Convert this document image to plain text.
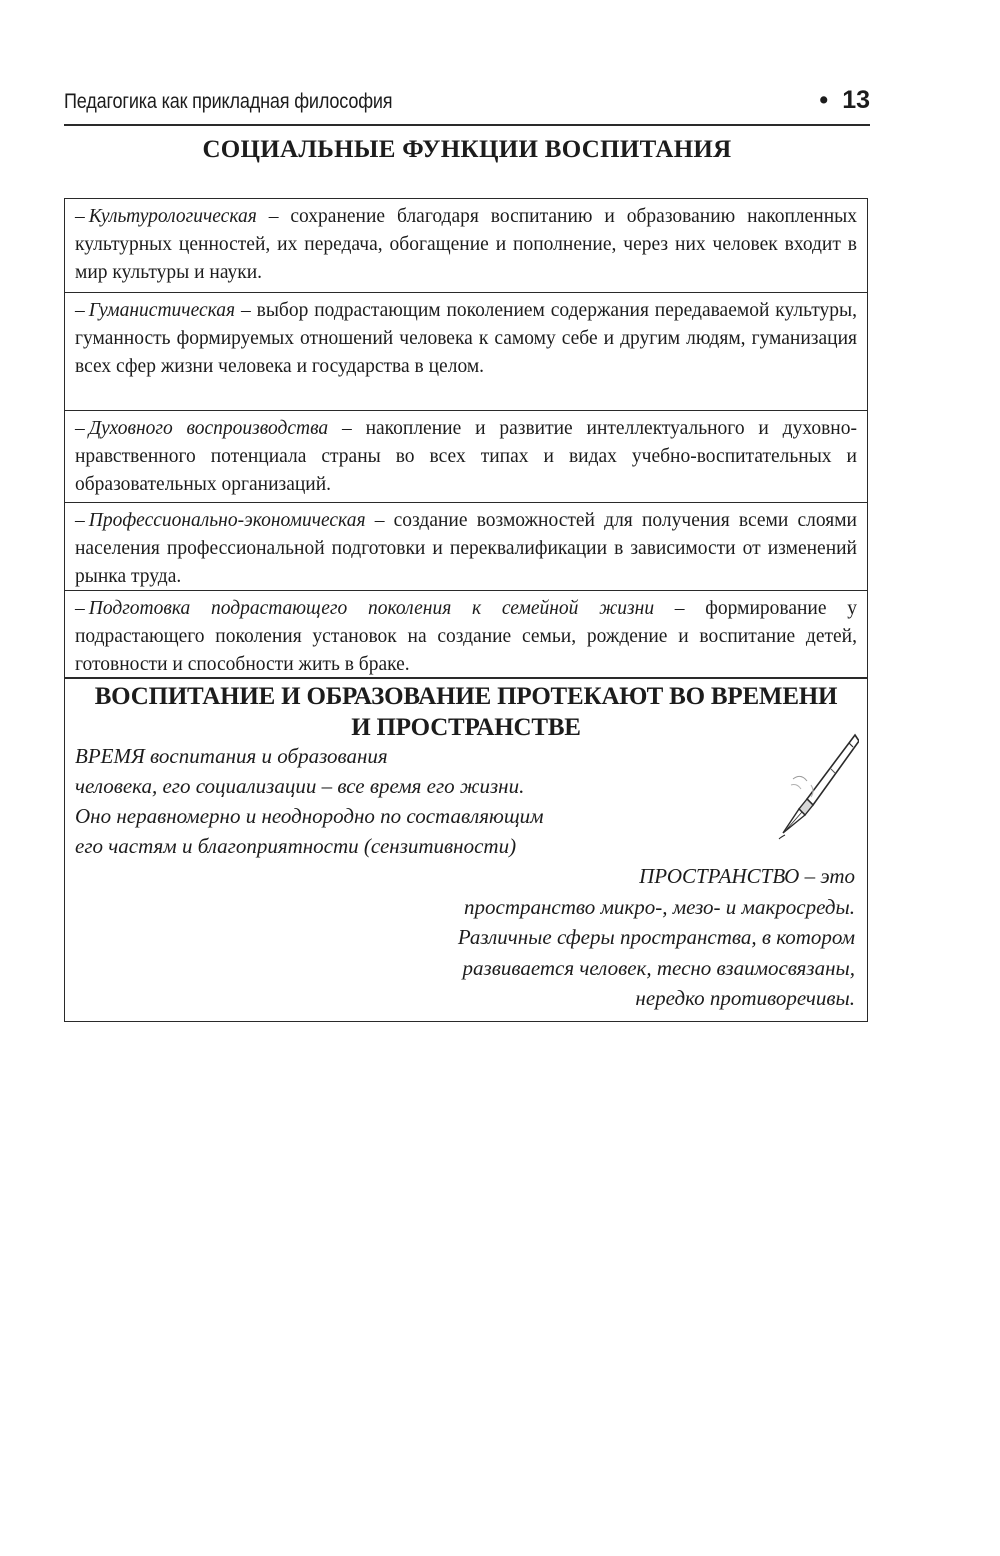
Педагогика как прикладная философия	• 13
СОЦИАЛЬНЫЕ ФУНКЦИИ ВОСПИТАНИЯ
– Культурологическая – сохранение благодаря воспитанию и образованию накопленных культурных ценностей, их передача, обогащение и пополнение, через них человек входит в мир культуры и науки.
– Гуманистическая – выбор подрастающим поколением содержания передаваемой культуры, гуманность формируемых отношений человека к самому себе и другим людям, гуманизация всех сфер жизни человека и государства в целом.
– Духовного воспроизводства – накопление и развитие интеллектуального и духовно-нравственного потенциала страны во всех типах и видах учебно-воспитательных и образовательных организаций.
– Профессионально-экономическая – создание возможностей для получения всеми слоями населения профессиональной подготовки и переквалификации в зависимости от изменений рынка труда.
– Подготовка подрастающего поколения к семейной жизни – формирование у подрастающего поколения установок на создание семьи, рождение и воспитание детей, готовности и способности жить в браке.
ВОСПИТАНИЕ И ОБРАЗОВАНИЕ ПРОТЕКАЮТ ВО ВРЕМЕНИ
И ПРОСТРАНСТВЕ
ВРЕМЯ воспитания и образования
человека, его социализации – все время его жизни.
Оно неравномерно и неоднородно по составляющим
его частям и благоприятности (сензитивности)
ПРОСТРАНСТВО – это
пространство микро-, мезо- и макросреды.
Различные сферы пространства, в котором
развивается человек, тесно взаимосвязаны,
нередко противоречивы.
